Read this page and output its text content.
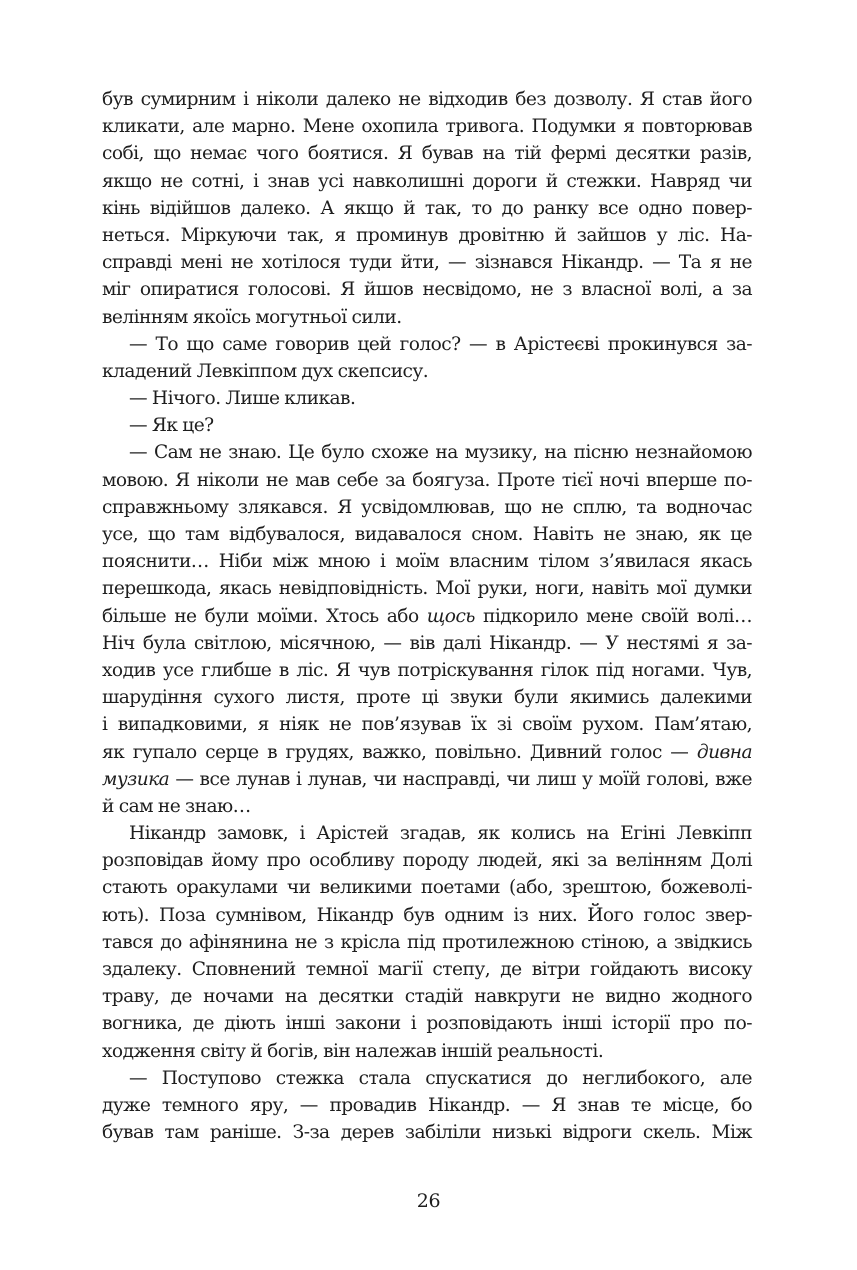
був сумирним і ніколи далеко не відходив без дозволу. Я став його
кликати, але марно. Мене охопила тривога. Подумки я повторював
собі, що немає чого боятися. Я бував на тій фермі десятки разів,
якщо не сотні, і знав усі навколишні дороги й стежки. Навряд чи
кінь відійшов далеко. А якщо й так, то до ранку все одно повер-
неться. Міркуючи так, я проминув дровітню й зайшов у ліс. На-
справді мені не хотілося туди йти, — зізнався Нікандр. — Та я не
міг опиратися голосові. Я йшов несвідомо, не з власної волі, а за
велінням якоїсь могутньої сили.
— То що саме говорив цей голос? — в Арістеєві прокинувся за-
кладений Левкіппом дух скепсису.
— Нічого. Лише кликав.
— Як це?
— Сам не знаю. Це було схоже на музику, на пісню незнайомою
мовою. Я ніколи не мав себе за боягуза. Проте тієї ночі вперше по-
справжньому злякався. Я усвідомлював, що не сплю, та водночас
усе, що там відбувалося, видавалося сном. Навіть не знаю, як це
пояснити… Ніби між мною і моїм власним тілом з’явилася якась
перешкода, якась невідповідність. Мої руки, ноги, навіть мої думки
більше не були моїми. Хтось або щось підкорило мене своїй волі…
Ніч була світлою, місячною, — вів далі Нікандр. — У нестямі я за-
ходив усе глибше в ліс. Я чув потріскування гілок під ногами. Чув,
шарудіння сухого листя, проте ці звуки були якимись далекими
і випадковими, я ніяк не пов’язував їх зі своїм рухом. Пам’ятаю,
як гупало серце в грудях, важко, повільно. Дивний голос — дивна
музика — все лунав і лунав, чи насправді, чи лиш у моїй голові, вже
й сам не знаю…
Нікандр замовк, і Арістей згадав, як колись на Егіні Левкіпп
розповідав йому про особливу породу людей, які за велінням Долі
стають оракулами чи великими поетами (або, зрештою, божеволі-
ють). Поза сумнівом, Нікандр був одним із них. Його голос звер-
тався до афінянина не з крісла під протилежною стіною, а звідкись
здалеку. Сповнений темної магії степу, де вітри гойдають високу
траву, де ночами на десятки стадій навкруги не видно жодного
вогника, де діють інші закони і розповідають інші історії про по-
ходження світу й богів, він належав іншій реальності.
— Поступово стежка стала спускатися до неглибокого, але
дуже темного яру, — провадив Нікандр. — Я знав те місце, бо
бував там раніше. З-за дерев забіліли низькі відроги скель. Між
26
